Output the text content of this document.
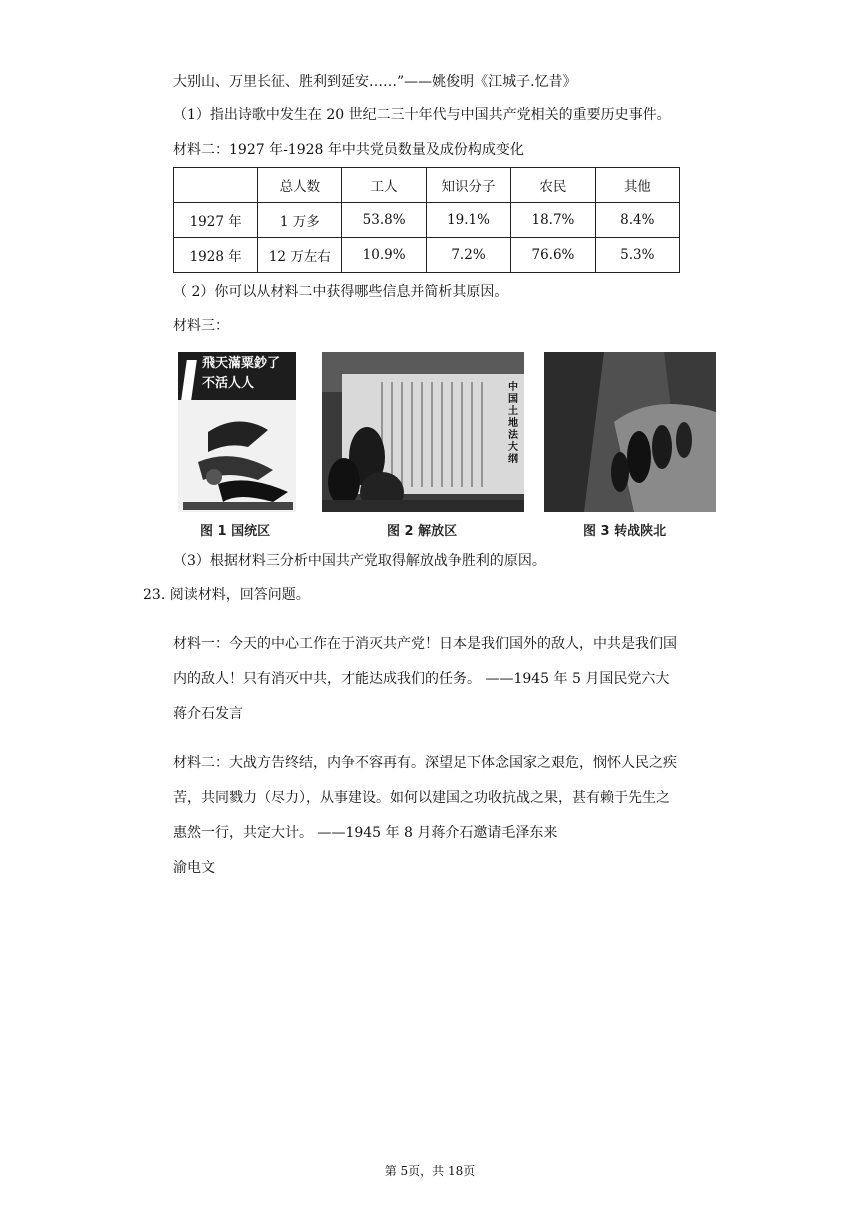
大别山、万里长征、胜利到延安……”——姚俊明《江城子.忆昔》
（1）指出诗歌中发生在 20 世纪二三十年代与中国共产党相关的重要历史事件。
材料二：1927 年-1928 年中共党员数量及成份构成变化
	总人数	工人	知识分子	农民	其他
1927 年	1 万多	53.8%	19.1%	18.7%	8.4%
1928 年	12 万左右	10.9%	7.2%	76.6%	5.3%
（ 2）你可以从材料二中获得哪些信息并简析其原因。
材料三：
飛天滿粟鈔了不活人人
图 1 国统区
中国土地法大纲
图 2 解放区	图 3 转战陕北
（3）根据材料三分析中国共产党取得解放战争胜利的原因。
23. 阅读材料，回答问题。
材料一：今天的中心工作在于消灭共产党！日本是我们国外的敌人，中共是我们国
内的敌人！只有消灭中共，才能达成我们的任务。 ——1945 年 5 月国民党六大
蒋介石发言
材料二：大战方告终结，内争不容再有。深望足下体念国家之艰危，悯怀人民之疾
苦，共同戮力（尽力），从事建设。如何以建国之功收抗战之果，甚有赖于先生之
惠然一行，共定大计。 ——1945 年 8 月蒋介石邀请毛泽东来
渝电文
第 5页，共 18页
